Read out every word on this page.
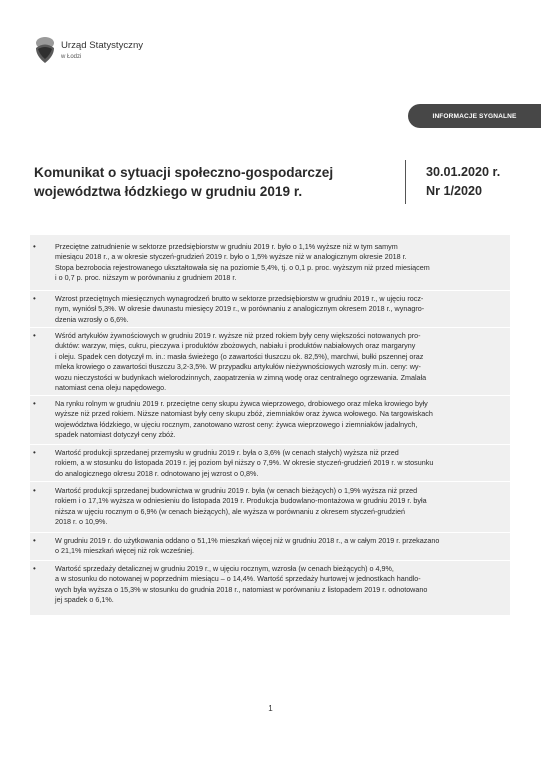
Urząd Statystyczny
w Łodzi
INFORMACJE SYGNALNE
Komunikat o sytuacji społeczno-gospodarczej
województwa łódzkiego w grudniu 2019 r.
30.01.2020 r.
Nr 1/2020
•	Przeciętne zatrudnienie w sektorze przedsiębiorstw w grudniu 2019 r. było o 1,1% wyższe niż w tym samym
miesiącu 2018 r., a w okresie styczeń-grudzień 2019 r. było o 1,5% wyższe niż w analogicznym okresie 2018 r.
Stopa bezrobocia rejestrowanego ukształtowała się na poziomie 5,4%, tj. o 0,1 p. proc. wyższym niż przed miesiącem
i o 0,7 p. proc. niższym w porównaniu z grudniem 2018 r.
•	Wzrost przeciętnych miesięcznych wynagrodzeń brutto w sektorze przedsiębiorstw w grudniu 2019 r., w ujęciu rocz-
nym, wyniósł 5,3%. W okresie dwunastu miesięcy 2019 r., w porównaniu z analogicznym okresem 2018 r., wynagro-
dzenia wzrosły o 6,6%.
•	Wśród artykułów żywnościowych w grudniu 2019 r. wyższe niż przed rokiem były ceny większości notowanych pro-
duktów: warzyw, mięs, cukru, pieczywa i produktów zbożowych, nabiału i produktów nabiałowych oraz margaryny
i oleju. Spadek cen dotyczył m. in.: masła świeżego (o zawartości tłuszczu ok. 82,5%), marchwi, bułki pszennej oraz
mleka krowiego o zawartości tłuszczu 3,2-3,5%. W przypadku artykułów nieżywnościowych wzrosły m.in. ceny: wy-
wozu nieczystości w budynkach wielorodzinnych, zaopatrzenia w zimną wodę oraz centralnego ogrzewania. Zmalała
natomiast cena oleju napędowego.
•	Na rynku rolnym w grudniu 2019 r. przeciętne ceny skupu żywca wieprzowego, drobiowego oraz mleka krowiego były
wyższe niż przed rokiem. Niższe natomiast były ceny skupu zbóż, ziemniaków oraz żywca wołowego. Na targowiskach
województwa łódzkiego, w ujęciu rocznym, zanotowano wzrost ceny: żywca wieprzowego i ziemniaków jadalnych,
spadek natomiast dotyczył ceny zbóż.
•	Wartość produkcji sprzedanej przemysłu w grudniu 2019 r. była o 3,6% (w cenach stałych) wyższa niż przed
rokiem, a w stosunku do listopada 2019 r. jej poziom był niższy o 7,9%. W okresie styczeń-grudzień 2019 r. w stosunku
do analogicznego okresu 2018 r. odnotowano jej wzrost o 0,8%.
•	Wartość produkcji sprzedanej budownictwa w grudniu 2019 r. była (w cenach bieżących) o 1,9% wyższa niż przed
rokiem i o 17,1% wyższa w odniesieniu do listopada 2019 r. Produkcja budowlano-montażowa w grudniu 2019 r. była
niższa w ujęciu rocznym o 6,9% (w cenach bieżących), ale wyższa w porównaniu z okresem styczeń-grudzień
2018 r. o 10,9%.
•	W grudniu 2019 r. do użytkowania oddano o 51,1% mieszkań więcej niż w grudniu 2018 r., a w całym 2019 r. przekazano
o 21,1% mieszkań więcej niż rok wcześniej.
•	Wartość sprzedaży detalicznej w grudniu 2019 r., w ujęciu rocznym, wzrosła (w cenach bieżących) o 4,9%,
a w stosunku do notowanej w poprzednim miesiącu – o 14,4%. Wartość sprzedaży hurtowej w jednostkach handlo-
wych była wyższa o 15,3% w stosunku do grudnia 2018 r., natomiast w porównaniu z listopadem 2019 r. odnotowano
jej spadek o 6,1%.
1
